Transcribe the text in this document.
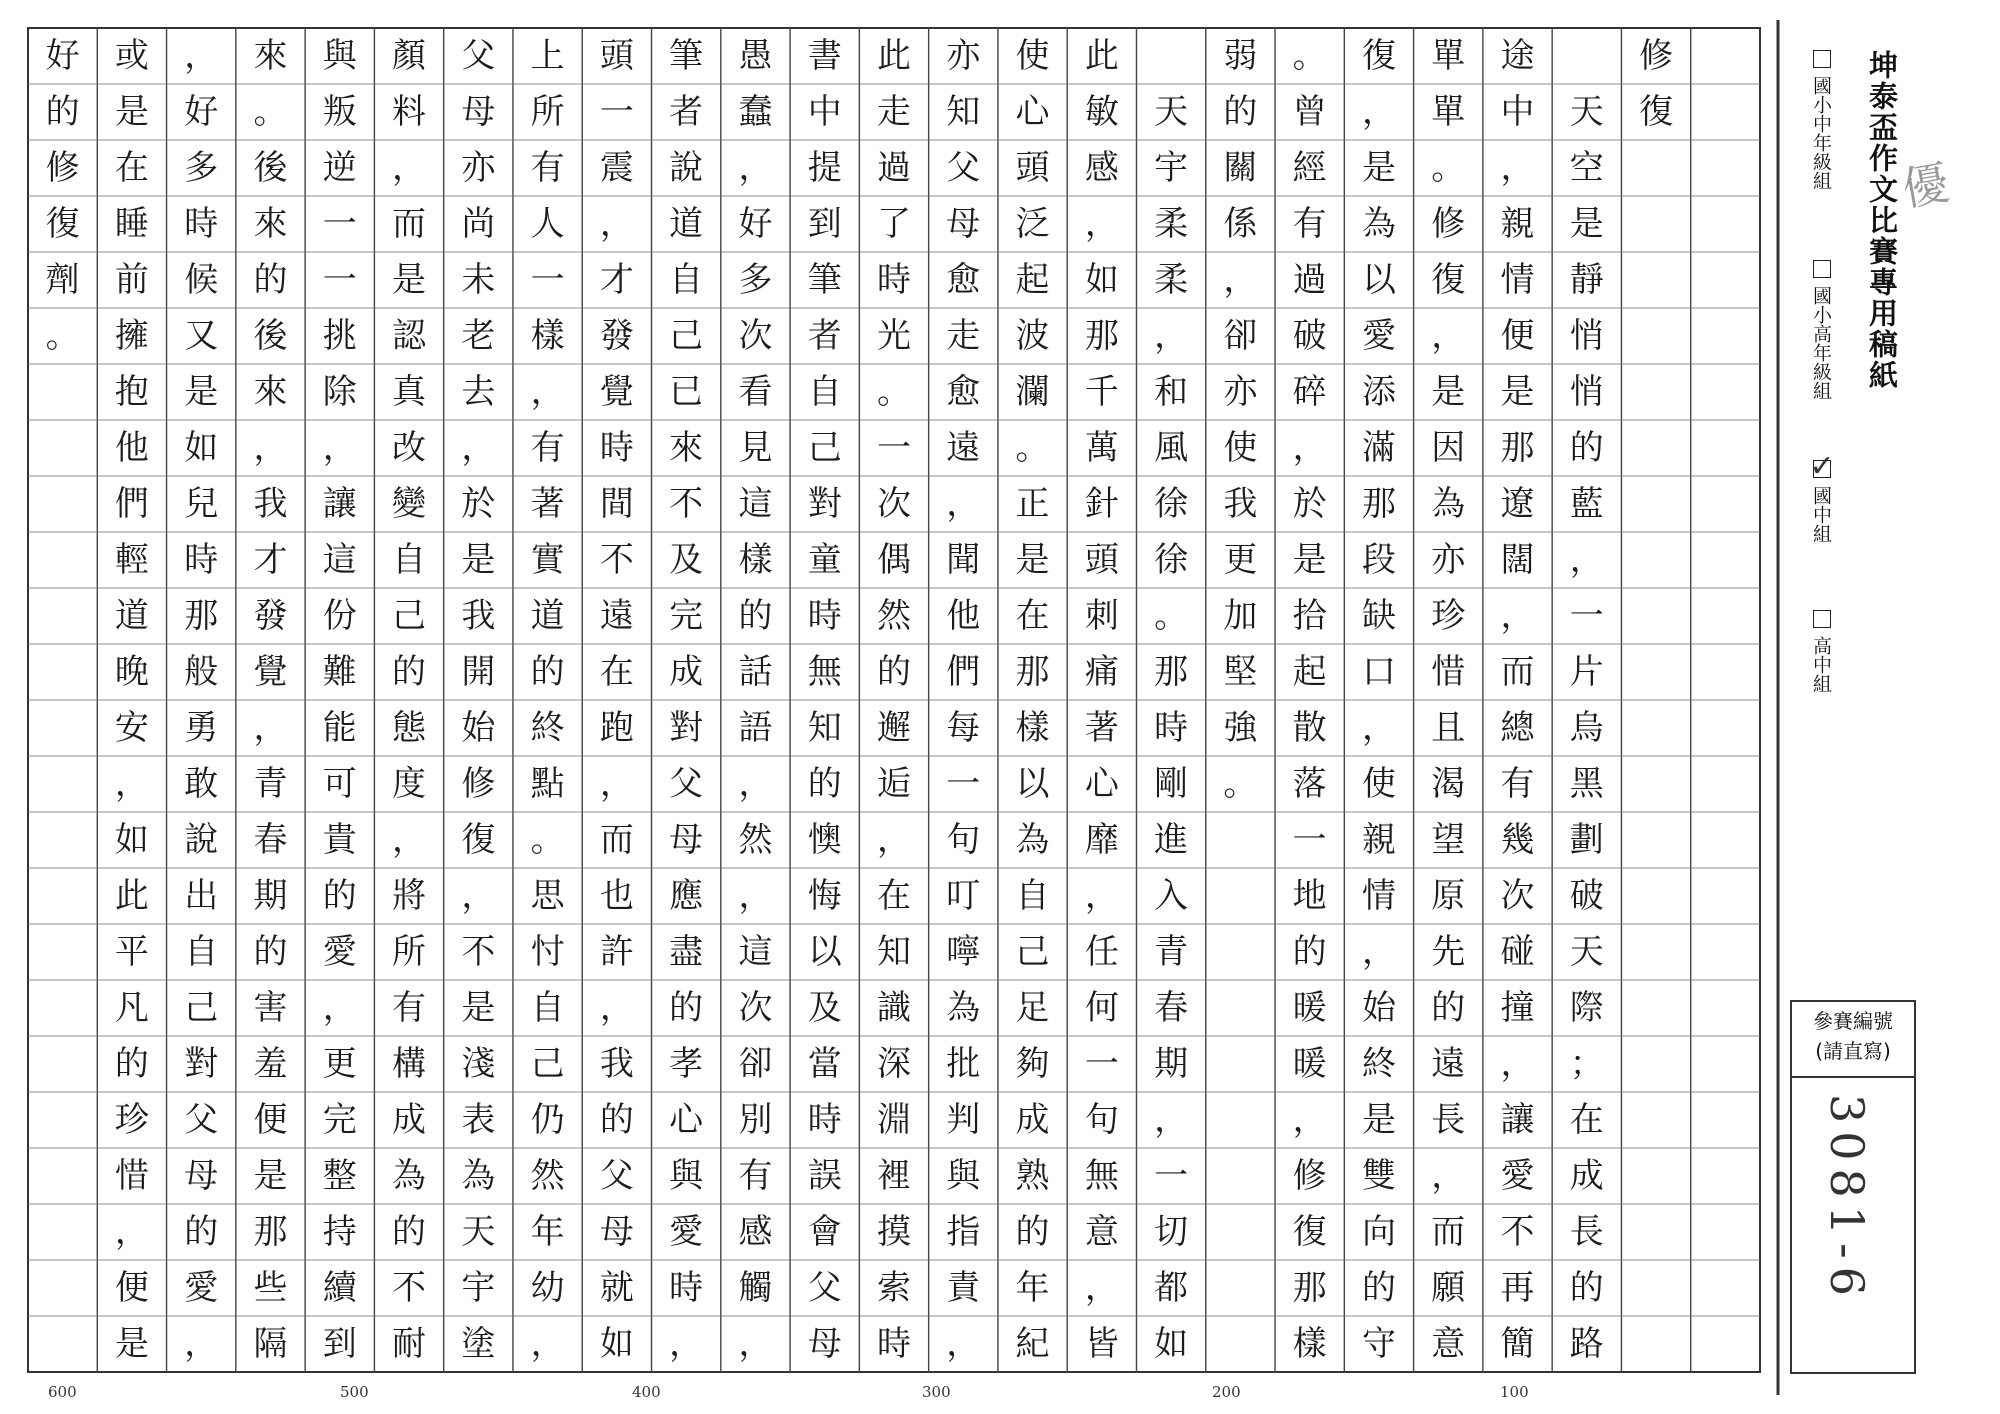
修
復
天
空
是
靜
悄
悄
的
藍
，
一
片
烏
黑
劃
破
天
際
；
在
成
長
的
路
途
中
，
親
情
便
是
那
遼
闊
，
而
總
有
幾
次
碰
撞
，
讓
愛
不
再
簡
單
單
。
修
復
，
是
因
為
亦
珍
惜
且
渴
望
原
先
的
遠
長
，
而
願
意
復
，
是
為
以
愛
添
滿
那
段
缺
口
，
使
親
情
，
始
終
是
雙
向
的
守
。
曾
經
有
過
破
碎
，
於
是
拾
起
散
落
一
地
的
暖
暖
，
修
復
那
樣
弱
的
關
係
，
卻
亦
使
我
更
加
堅
強
。
天
宇
柔
柔
，
和
風
徐
徐
。
那
時
剛
進
入
青
春
期
，
一
切
都
如
此
敏
感
，
如
那
千
萬
針
頭
刺
痛
著
心
靡
，
任
何
一
句
無
意
，
皆
使
心
頭
泛
起
波
瀾
。
正
是
在
那
樣
以
為
自
己
足
夠
成
熟
的
年
紀
亦
知
父
母
愈
走
愈
遠
，
聞
他
們
每
一
句
叮
嚀
為
批
判
與
指
責
，
此
走
過
了
時
光
。
一
次
偶
然
的
邂
逅
，
在
知
識
深
淵
裡
摸
索
時
書
中
提
到
筆
者
自
己
對
童
時
無
知
的
懊
悔
以
及
當
時
誤
會
父
母
愚
蠢
，
好
多
次
看
見
這
樣
的
話
語
，
然
，
這
次
卻
別
有
感
觸
，
筆
者
說
道
自
己
已
來
不
及
完
成
對
父
母
應
盡
的
孝
心
與
愛
時
，
頭
一
震
，
才
發
覺
時
間
不
遠
在
跑
，
而
也
許
，
我
的
父
母
就
如
上
所
有
人
一
樣
，
有
著
實
道
的
終
點
。
思
忖
自
己
仍
然
年
幼
，
父
母
亦
尚
未
老
去
，
於
是
我
開
始
修
復
，
不
是
淺
表
為
天
宇
塗
顏
料
，
而
是
認
真
改
變
自
己
的
態
度
，
將
所
有
構
成
為
的
不
耐
與
叛
逆
一
一
挑
除
，
讓
這
份
難
能
可
貴
的
愛
，
更
完
整
持
續
到
來
。
後
來
的
後
來
，
我
才
發
覺
，
青
春
期
的
害
羞
便
是
那
些
隔
，
好
多
時
候
又
是
如
兒
時
那
般
勇
敢
說
出
自
己
對
父
母
的
愛
，
或
是
在
睡
前
擁
抱
他
們
輕
道
晚
安
，
如
此
平
凡
的
珍
惜
，
便
是
好
的
修
復
劑
。	坤泰盃作文比賽專用稿紙
國小中年級組
國小高年級組
✓
國中組
高中組
優
參賽編號
(請直寫)
3081-6
100
200
300
400
500
600
